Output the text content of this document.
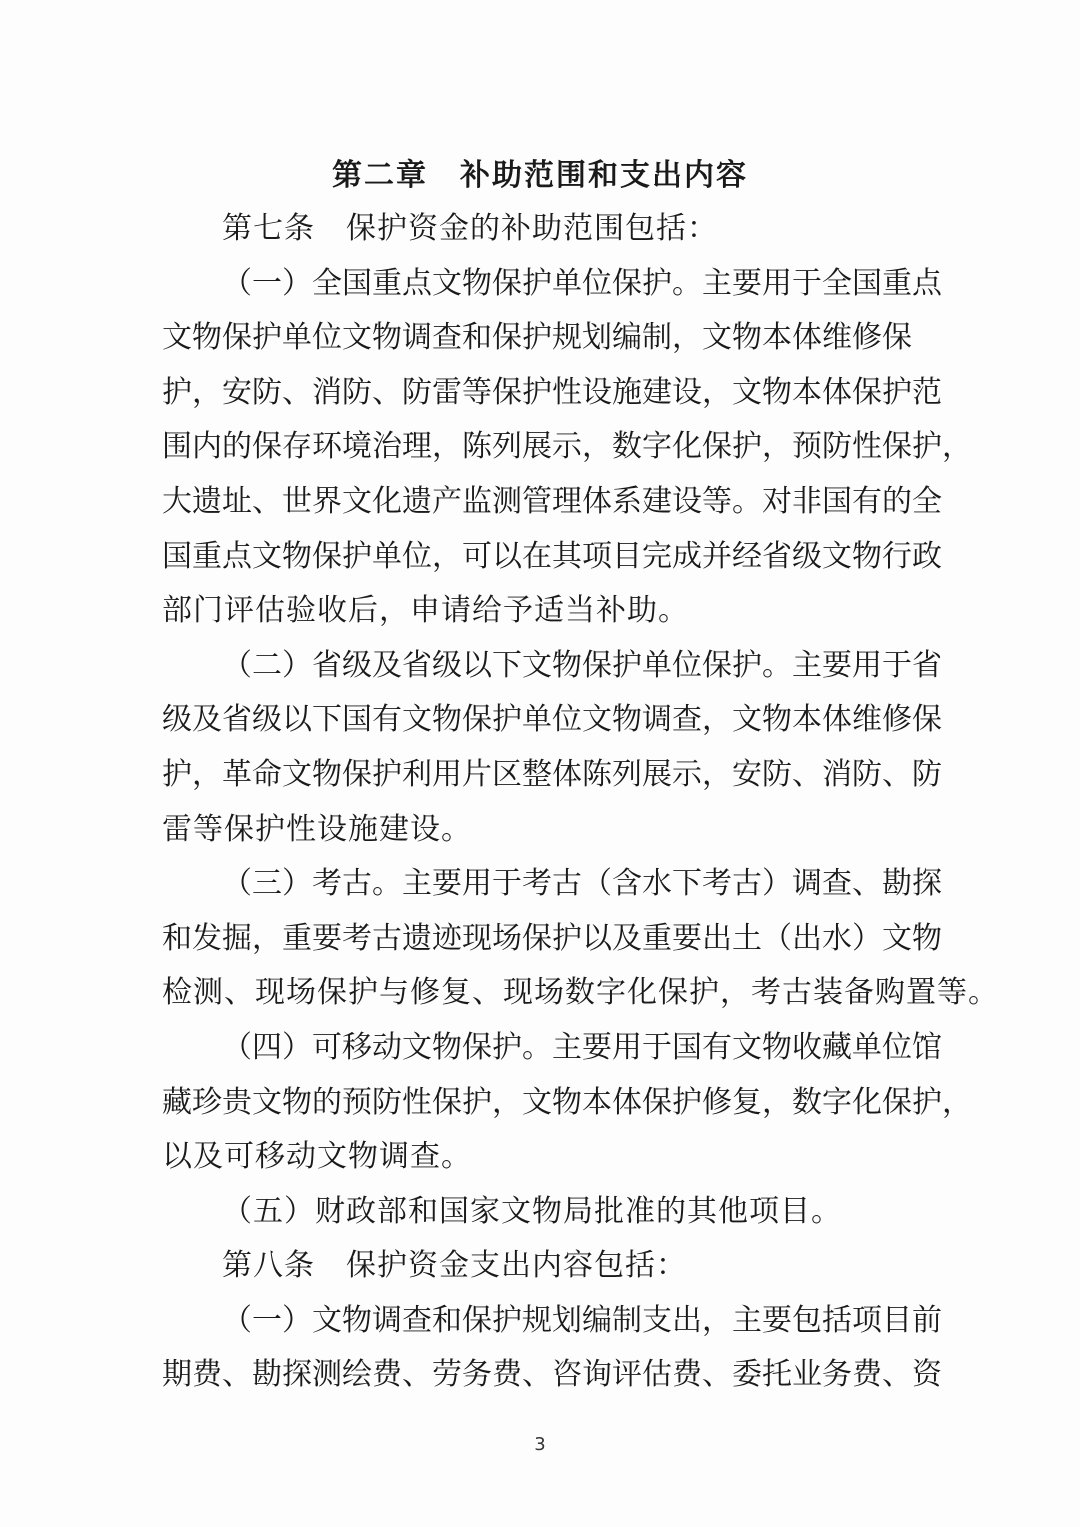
第二章　补助范围和支出内容
第七条　保护资金的补助范围包括：
（一）全国重点文物保护单位保护。主要用于全国重点
文物保护单位文物调查和保护规划编制，文物本体维修保
护，安防、消防、防雷等保护性设施建设，文物本体保护范
围内的保存环境治理，陈列展示，数字化保护，预防性保护，
大遗址、世界文化遗产监测管理体系建设等。对非国有的全
国重点文物保护单位，可以在其项目完成并经省级文物行政
部门评估验收后，申请给予适当补助。
（二）省级及省级以下文物保护单位保护。主要用于省
级及省级以下国有文物保护单位文物调查，文物本体维修保
护，革命文物保护利用片区整体陈列展示，安防、消防、防
雷等保护性设施建设。
（三）考古。主要用于考古（含水下考古）调查、勘探
和发掘，重要考古遗迹现场保护以及重要出土（出水）文物
检测、现场保护与修复、现场数字化保护，考古装备购置等。
（四）可移动文物保护。主要用于国有文物收藏单位馆
藏珍贵文物的预防性保护，文物本体保护修复，数字化保护，
以及可移动文物调查。
（五）财政部和国家文物局批准的其他项目。
第八条　保护资金支出内容包括：
（一）文物调查和保护规划编制支出，主要包括项目前
期费、勘探测绘费、劳务费、咨询评估费、委托业务费、资
3
